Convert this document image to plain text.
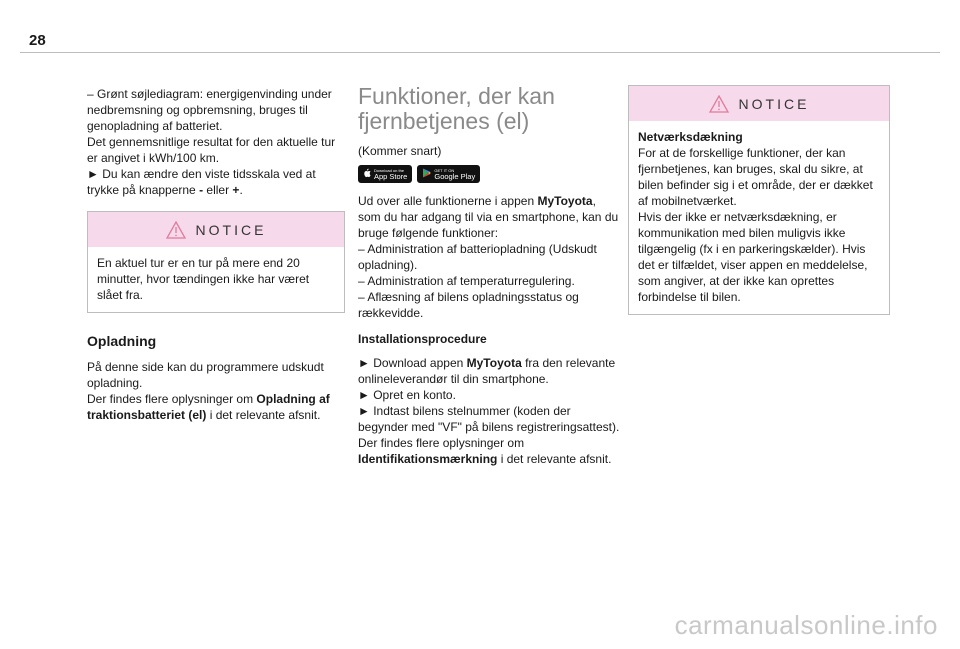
28

– Grønt søjlediagram: energigenvinding under nedbremsning og opbremsning, bruges til genopladning af batteriet.

Det gennemsnitlige resultat for den aktuelle tur er angivet i kWh/100 km.

► Du kan ændre den viste tidsskala ved at trykke på knapperne - eller +.

NOTICE

En aktuel tur er en tur på mere end 20 minutter, hvor tændingen ikke har været slået fra.

Opladning

På denne side kan du programmere udskudt opladning.

Der findes flere oplysninger om Opladning af traktionsbatteriet (el) i det relevante afsnit.

Funktioner, der kan fjernbetjenes (el)

(Kommer snart)

Download on the
App Store
GET IT ON
Google Play

Ud over alle funktionerne i appen MyToyota, som du har adgang til via en smartphone, kan du bruge følgende funktioner:

– Administration af batteriopladning (Udskudt opladning).

– Administration af temperaturregulering.

– Aflæsning af bilens opladningsstatus og rækkevidde.

Installationsprocedure

► Download appen MyToyota fra den relevante onlineleverandør til din smartphone.

► Opret en konto.

► Indtast bilens stelnummer (koden der begynder med "VF" på bilens registreringsattest).

Der findes flere oplysninger om Identifikationsmærkning i det relevante afsnit.

NOTICE

Netværksdækning

For at de forskellige funktioner, der kan fjernbetjenes, kan bruges, skal du sikre, at bilen befinder sig i et område, der er dækket af mobilnetværket.

Hvis der ikke er netværksdækning, er kommunikation med bilen muligvis ikke tilgængelig (fx i en parkeringskælder). Hvis det er tilfældet, viser appen en meddelelse, som angiver, at der ikke kan oprettes forbindelse til bilen.

carmanualsonline.info
